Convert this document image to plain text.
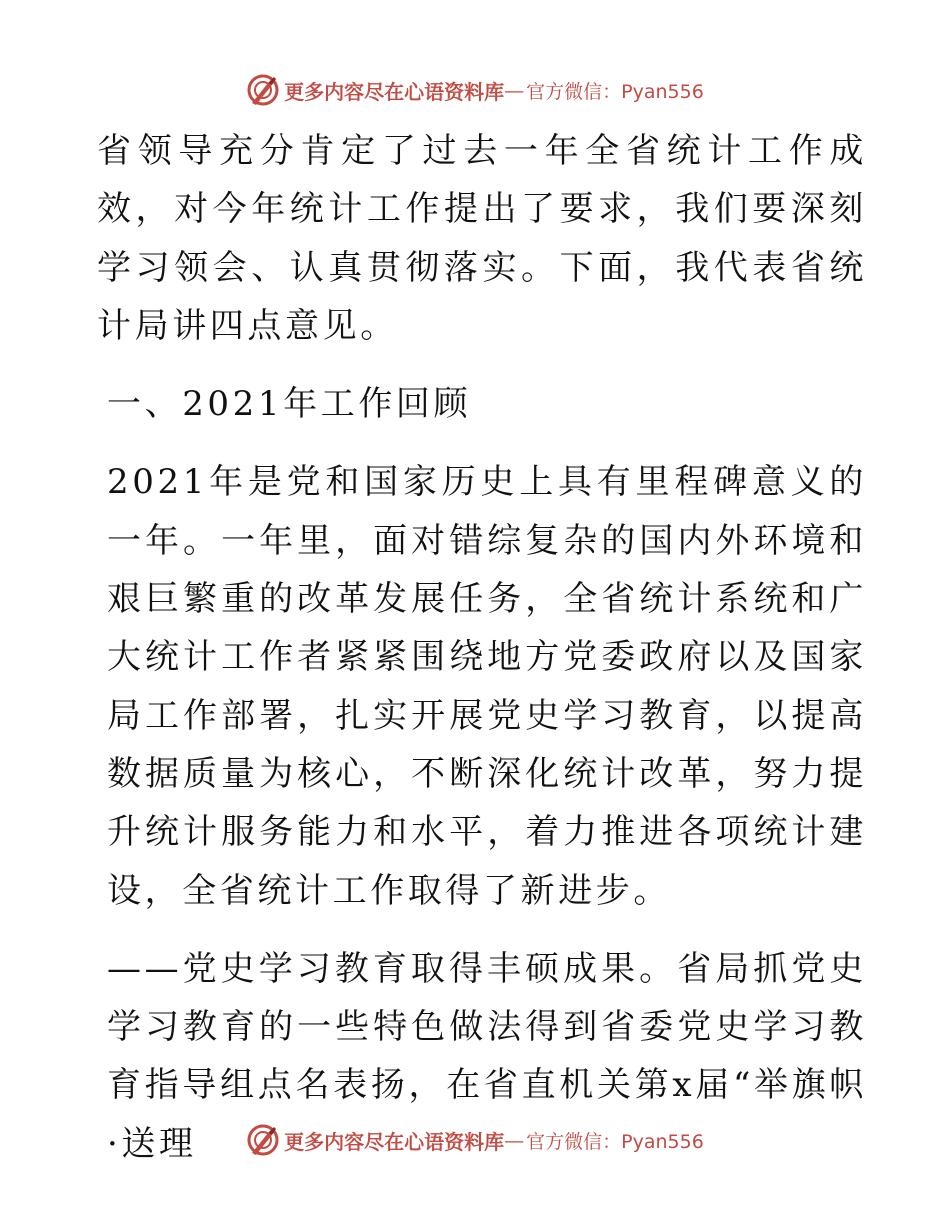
更多内容尽在心语资料库 — 官方微信：Pyan556

省领导充分肯定了过去一年全省统计工作成效，对今年统计工作提出了要求，我们要深刻学习领会、认真贯彻落实。下面，我代表省统计局讲四点意见。

一、2021年工作回顾

2021年是党和国家历史上具有里程碑意义的一年。一年里，面对错综复杂的国内外环境和艰巨繁重的改革发展任务，全省统计系统和广大统计工作者紧紧围绕地方党委政府以及国家局工作部署，扎实开展党史学习教育，以提高数据质量为核心，不断深化统计改革，努力提升统计服务能力和水平，着力推进各项统计建设，全省统计工作取得了新进步。

——党史学习教育取得丰硕成果。省局抓党史学习教育的一些特色做法得到省委党史学习教育指导组点名表扬，在省直机关第x届“举旗帜·送理	更多内容尽在心语资料库 — 官方微信：Pyan556
